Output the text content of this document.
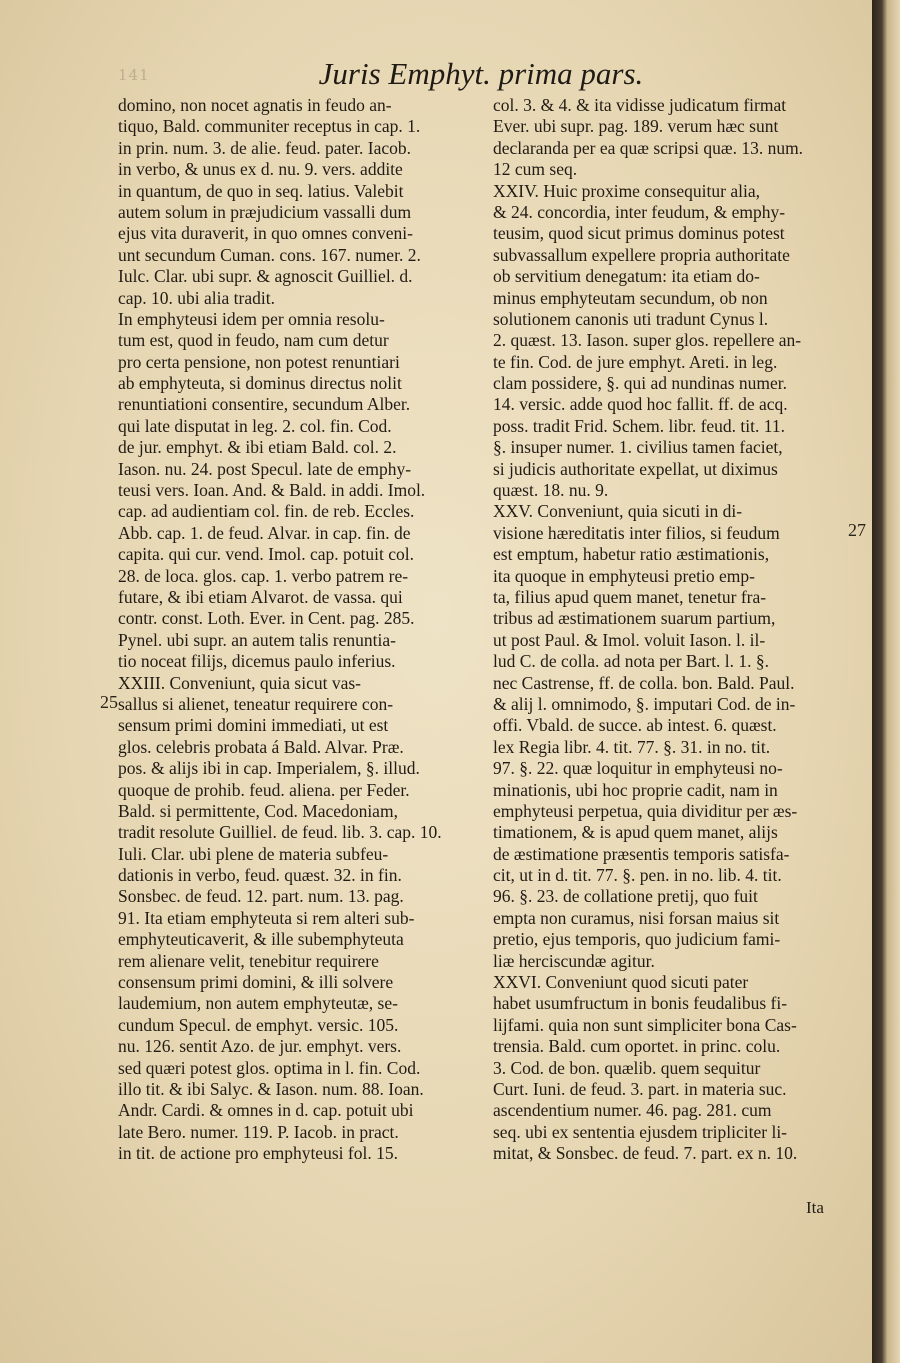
141	Juris Emphyt. prima pars.
domino, non nocet agnatis in feudo an-
tiquo, Bald. communiter receptus in cap. 1.
in prin. num. 3. de alie. feud. pater. Iacob.
in verbo, & unus ex d. nu. 9. vers. addite
in quantum, de quo in seq. latius. Valebit
autem solum in præjudicium vassalli dum
ejus vita duraverit, in quo omnes conveni-
unt secundum Cuman. cons. 167. numer. 2.
Iulc. Clar. ubi supr. & agnoscit Guilliel. d.
cap. 10. ubi alia tradit.
In emphyteusi idem per omnia resolu-
tum est, quod in feudo, nam cum detur
pro certa pensione, non potest renuntiari
ab emphyteuta, si dominus directus nolit
renuntiationi consentire, secundum Alber.
qui late disputat in leg. 2. col. fin. Cod.
de jur. emphyt. & ibi etiam Bald. col. 2.
Iason. nu. 24. post Specul. late de emphy-
teusi vers. Ioan. And. & Bald. in addi. Imol.
cap. ad audientiam col. fin. de reb. Eccles.
Abb. cap. 1. de feud. Alvar. in cap. fin. de
capita. qui cur. vend. Imol. cap. potuit col.
28. de loca. glos. cap. 1. verbo patrem re-
futare, & ibi etiam Alvarot. de vassa. qui
contr. const. Loth. Ever. in Cent. pag. 285.
Pynel. ubi supr. an autem talis renuntia-
tio noceat filijs, dicemus paulo inferius.
XXIII. Conveniunt, quia sicut vas-
sallus si alienet, teneatur requirere con-
sensum primi domini immediati, ut est
glos. celebris probata á Bald. Alvar. Præ.
pos. & alijs ibi in cap. Imperialem, §. illud.
quoque de prohib. feud. aliena. per Feder.
Bald. si permittente, Cod. Macedoniam,
tradit resolute Guilliel. de feud. lib. 3. cap. 10.
Iuli. Clar. ubi plene de materia subfeu-
dationis in verbo, feud. quæst. 32. in fin.
Sonsbec. de feud. 12. part. num. 13. pag.
91. Ita etiam emphyteuta si rem alteri sub-
emphyteuticaverit, & ille subemphyteuta
rem alienare velit, tenebitur requirere
consensum primi domini, & illi solvere
laudemium, non autem emphyteutæ, se-
cundum Specul. de emphyt. versic. 105.
nu. 126. sentit Azo. de jur. emphyt. vers.
sed quæri potest glos. optima in l. fin. Cod.
illo tit. & ibi Salyc. & Iason. num. 88. Ioan.
Andr. Cardi. & omnes in d. cap. potuit ubi
late Bero. numer. 119. P. Iacob. in pract.
in tit. de actione pro emphyteusi fol. 15.
col. 3. & 4. & ita vidisse judicatum firmat
Ever. ubi supr. pag. 189. verum hæc sunt
declaranda per ea quæ scripsi quæ. 13. num.
12 cum seq.
XXIV. Huic proxime consequitur alia,
& 24. concordia, inter feudum, & emphy-
teusim, quod sicut primus dominus potest
subvassallum expellere propria authoritate
ob servitium denegatum: ita etiam do-
minus emphyteutam secundum, ob non
solutionem canonis uti tradunt Cynus l.
2. quæst. 13. Iason. super glos. repellere an-
te fin. Cod. de jure emphyt. Areti. in leg.
clam possidere, §. qui ad nundinas numer.
14. versic. adde quod hoc fallit. ff. de acq.
poss. tradit Frid. Schem. libr. feud. tit. 11.
§. insuper numer. 1. civilius tamen faciet,
si judicis authoritate expellat, ut diximus
quæst. 18. nu. 9.
XXV. Conveniunt, quia sicuti in di-
visione hæreditatis inter filios, si feudum
est emptum, habetur ratio æstimationis,
ita quoque in emphyteusi pretio emp-
ta, filius apud quem manet, tenetur fra-
tribus ad æstimationem suarum partium,
ut post Paul. & Imol. voluit Iason. l. il-
lud C. de colla. ad nota per Bart. l. 1. §.
nec Castrense, ff. de colla. bon. Bald. Paul.
& alij l. omnimodo, §. imputari Cod. de in-
offi. Vbald. de succe. ab intest. 6. quæst.
lex Regia libr. 4. tit. 77. §. 31. in no. tit.
97. §. 22. quæ loquitur in emphyteusi no-
minationis, ubi hoc proprie cadit, nam in
emphyteusi perpetua, quia dividitur per æs-
timationem, & is apud quem manet, alijs
de æstimatione præsentis temporis satisfa-
cit, ut in d. tit. 77. §. pen. in no. lib. 4. tit.
96. §. 23. de collatione pretij, quo fuit
empta non curamus, nisi forsan maius sit
pretio, ejus temporis, quo judicium fami-
liæ herciscundæ agitur.
XXVI. Conveniunt quod sicuti pater
habet usumfructum in bonis feudalibus fi-
lijfami. quia non sunt simpliciter bona Cas-
trensia. Bald. cum oportet. in princ. colu.
3. Cod. de bon. quælib. quem sequitur
Curt. Iuni. de feud. 3. part. in materia suc.
ascendentium numer. 46. pag. 281. cum
seq. ubi ex sententia ejusdem tripliciter li-
mitat, & Sonsbec. de feud. 7. part. ex n. 10.
25
27
Ita
